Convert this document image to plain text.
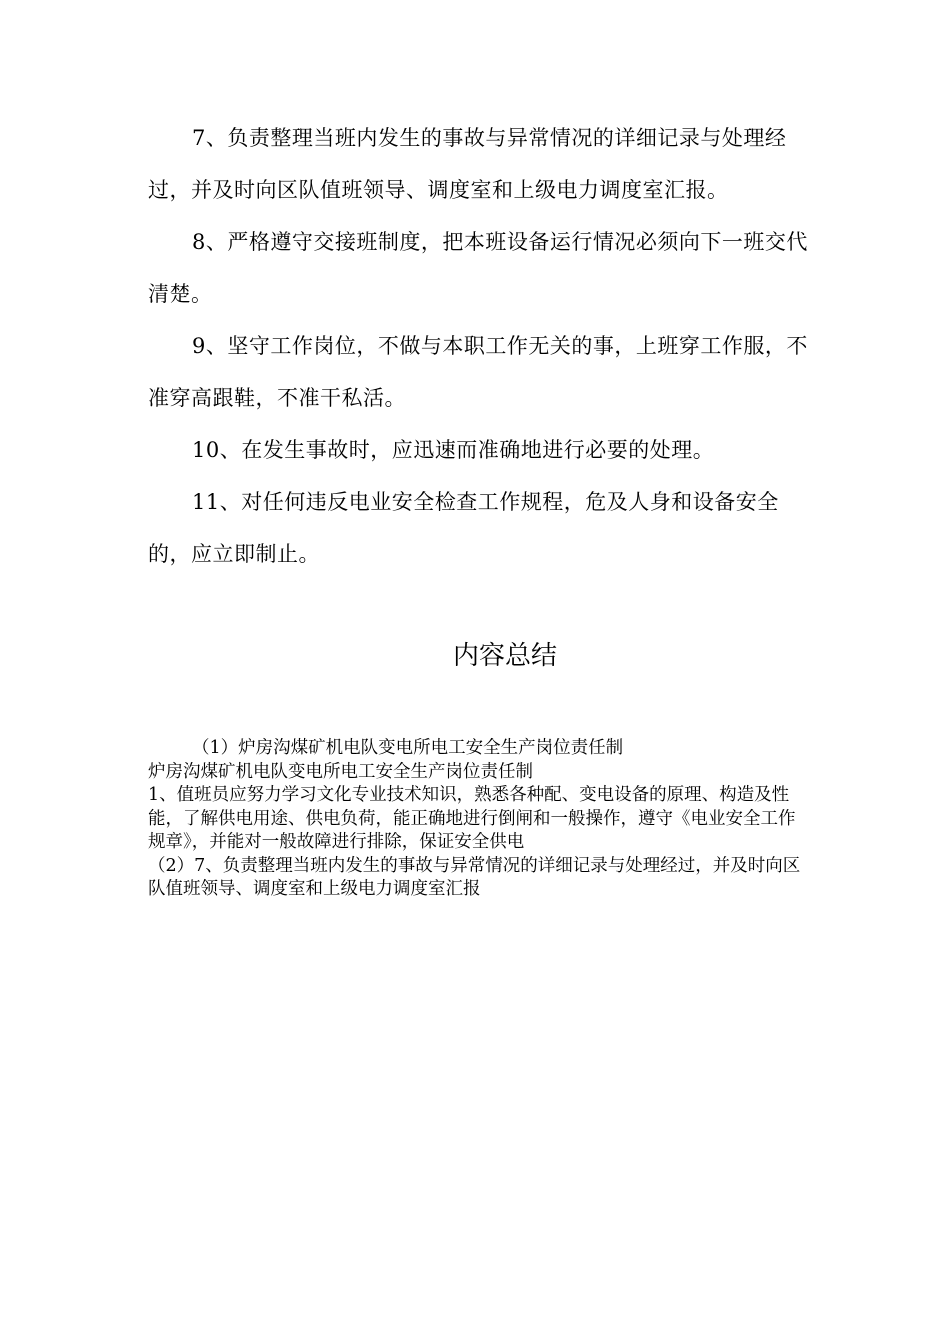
7、负责整理当班内发生的事故与异常情况的详细记录与处理经过，并及时向区队值班领导、调度室和上级电力调度室汇报。

8、严格遵守交接班制度，把本班设备运行情况必须向下一班交代清楚。

9、坚守工作岗位，不做与本职工作无关的事，上班穿工作服，不准穿高跟鞋，不准干私活。

10、在发生事故时，应迅速而准确地进行必要的处理。

11、对任何违反电业安全检查工作规程，危及人身和设备安全的，应立即制止。

内容总结

（1）炉房沟煤矿机电队变电所电工安全生产岗位责任制

炉房沟煤矿机电队变电所电工安全生产岗位责任制

1、值班员应努力学习文化专业技术知识，熟悉各种配、变电设备的原理、构造及性能，了解供电用途、供电负荷，能正确地进行倒闸和一般操作，遵守《电业安全工作规章》，并能对一般故障进行排除，保证安全供电

（2）7、负责整理当班内发生的事故与异常情况的详细记录与处理经过，并及时向区队值班领导、调度室和上级电力调度室汇报
